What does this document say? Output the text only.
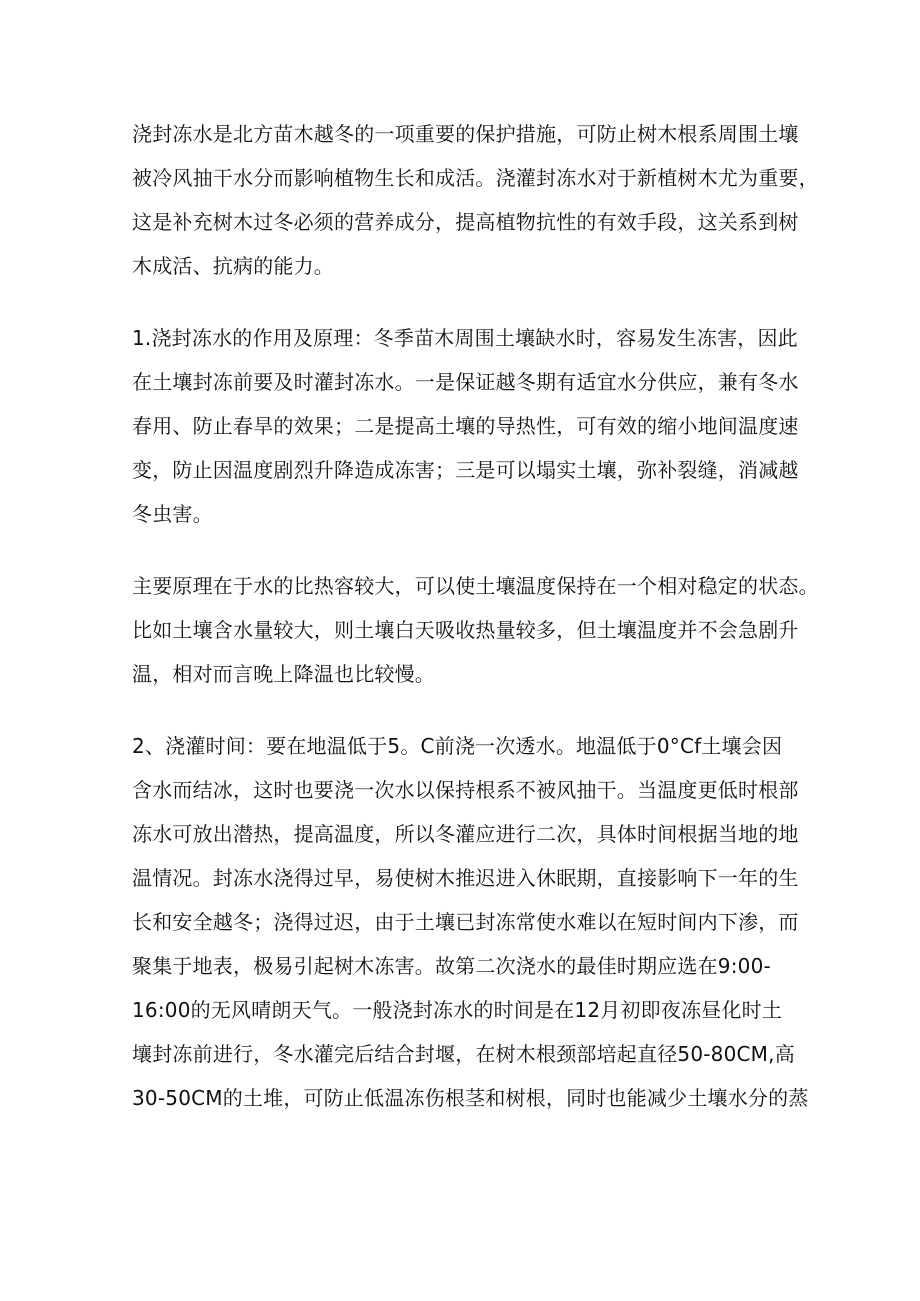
浇封冻水是北方苗木越冬的一项重要的保护措施，可防止树木根系周围土壤
被冷风抽干水分而影响植物生长和成活。浇灌封冻水对于新植树木尤为重要，
这是补充树木过冬必须的营养成分，提高植物抗性的有效手段，这关系到树
木成活、抗病的能力。

1.浇封冻水的作用及原理：冬季苗木周围土壤缺水时，容易发生冻害，因此
在土壤封冻前要及时灌封冻水。一是保证越冬期有适宜水分供应，兼有冬水
春用、防止春旱的效果；二是提高土壤的导热性，可有效的缩小地间温度速
变，防止因温度剧烈升降造成冻害；三是可以塌实土壤，弥补裂缝，消减越
冬虫害。

主要原理在于水的比热容较大，可以使土壤温度保持在一个相对稳定的状态。
比如土壤含水量较大，则土壤白天吸收热量较多，但土壤温度并不会急剧升
温，相对而言晚上降温也比较慢。

2、浇灌时间：要在地温低于5。C前浇一次透水。地温低于0°Cf土壤会因
含水而结冰，这时也要浇一次水以保持根系不被风抽干。当温度更低时根部
冻水可放出潜热，提高温度，所以冬灌应进行二次，具体时间根据当地的地
温情况。封冻水浇得过早，易使树木推迟进入休眠期，直接影响下一年的生
长和安全越冬；浇得过迟，由于土壤已封冻常使水难以在短时间内下渗，而
聚集于地表，极易引起树木冻害。故第二次浇水的最佳时期应选在9:00-
16:00的无风晴朗天气。一般浇封冻水的时间是在12月初即夜冻昼化时土
壤封冻前进行，冬水灌完后结合封堰，在树木根颈部培起直径50-80CM,高
30-50CM的土堆，可防止低温冻伤根茎和树根，同时也能减少土壤水分的蒸
